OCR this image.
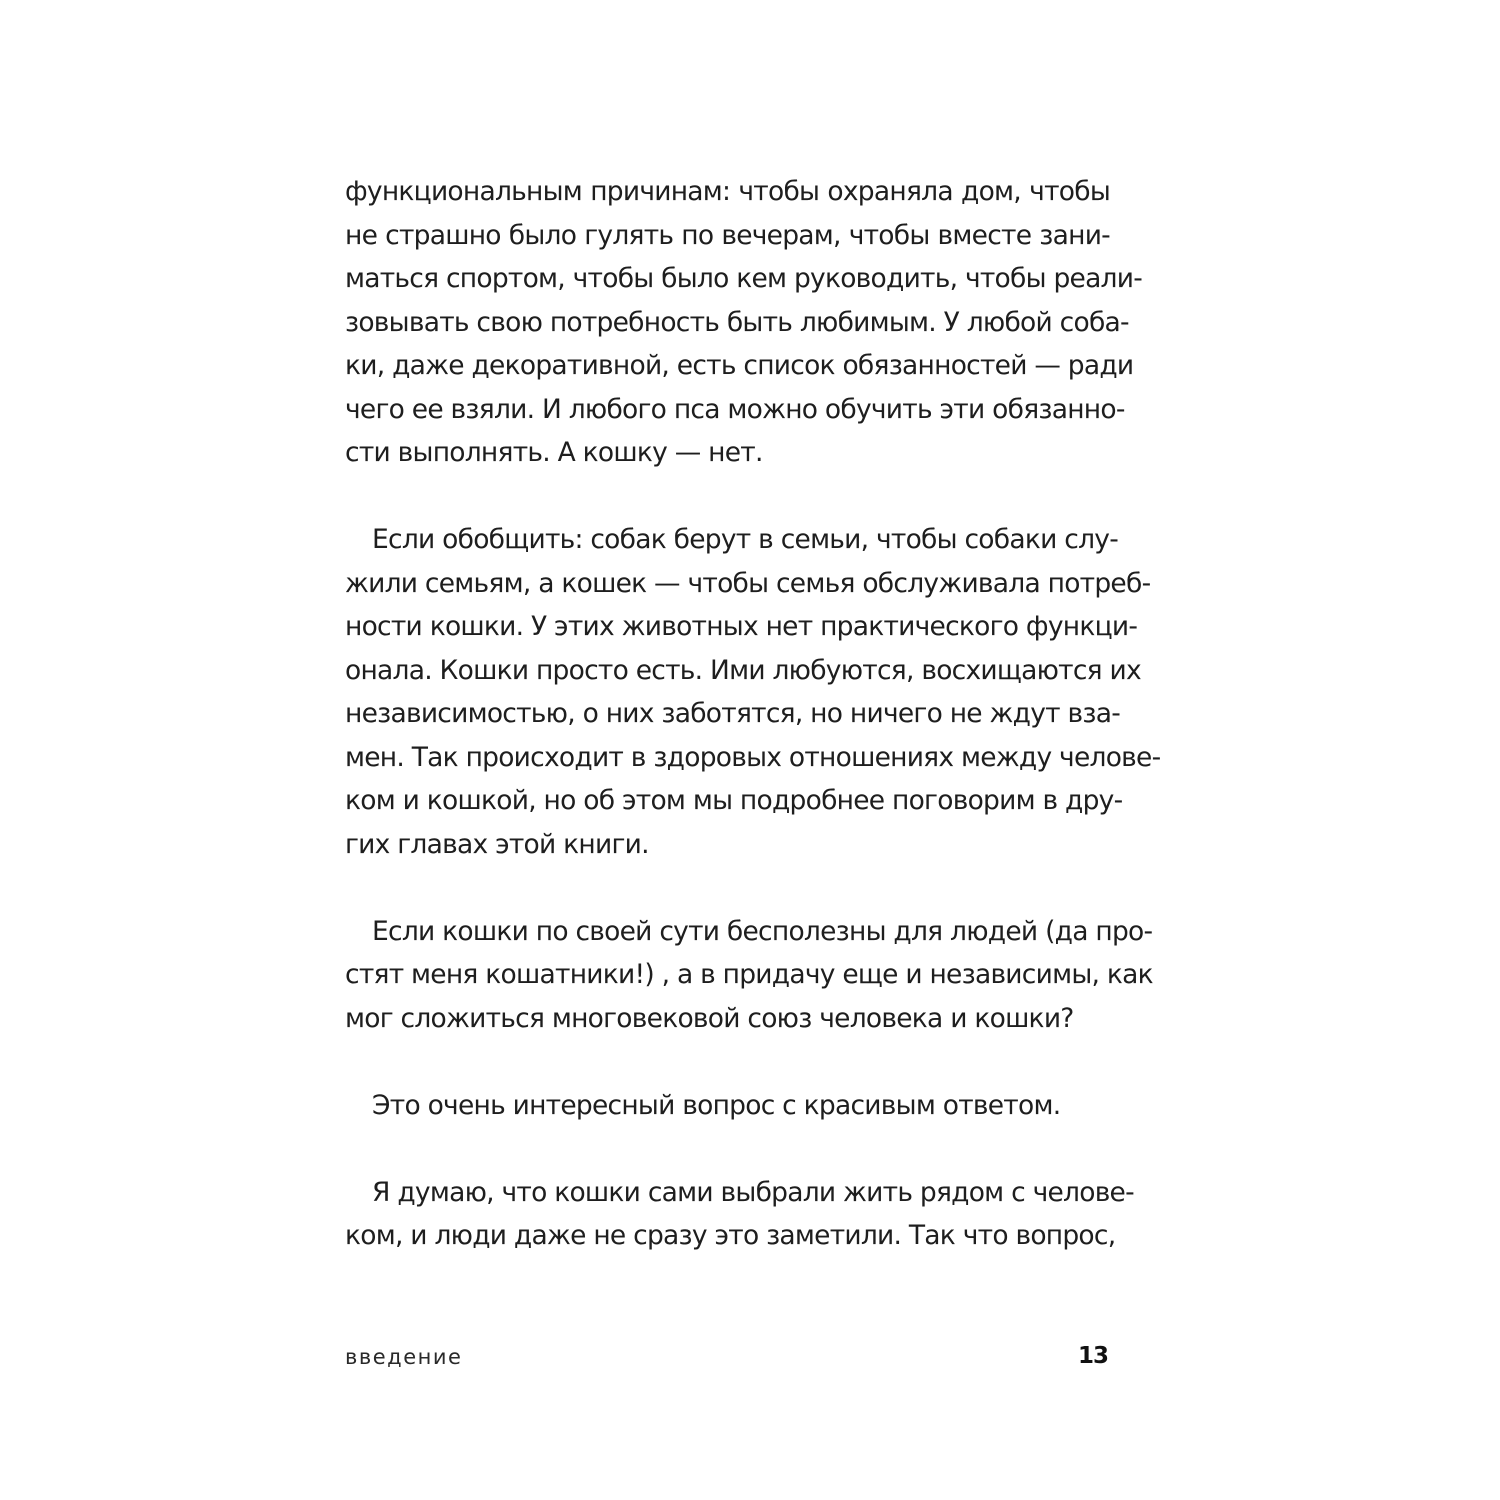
функциональным причинам: чтобы охраняла дом, чтобы
не страшно было гулять по вечерам, чтобы вместе зани-
маться спортом, чтобы было кем руководить, чтобы реали-
зовывать свою потребность быть любимым. У любой соба-
ки, даже декоративной, есть список обязанностей — ради
чего ее взяли. И любого пса можно обучить эти обязанно-
сти выполнять. А кошку — нет.
Если обобщить: собак берут в семьи, чтобы собаки слу-
жили семьям, а кошек — чтобы семья обслуживала потреб-
ности кошки. У этих животных нет практического функци-
онала. Кошки просто есть. Ими любуются, восхищаются их
независимостью, о них заботятся, но ничего не ждут вза-
мен. Так происходит в здоровых отношениях между челове-
ком и кошкой, но об этом мы подробнее поговорим в дру-
гих главах этой книги.
Если кошки по своей сути бесполезны для людей (да про-
стят меня кошатники!) , а в придачу еще и независимы, как
мог сложиться многовековой союз человека и кошки?
Это очень интересный вопрос с красивым ответом.
Я думаю, что кошки сами выбрали жить рядом с челове-
ком, и люди даже не сразу это заметили. Так что вопрос,
введение	13
